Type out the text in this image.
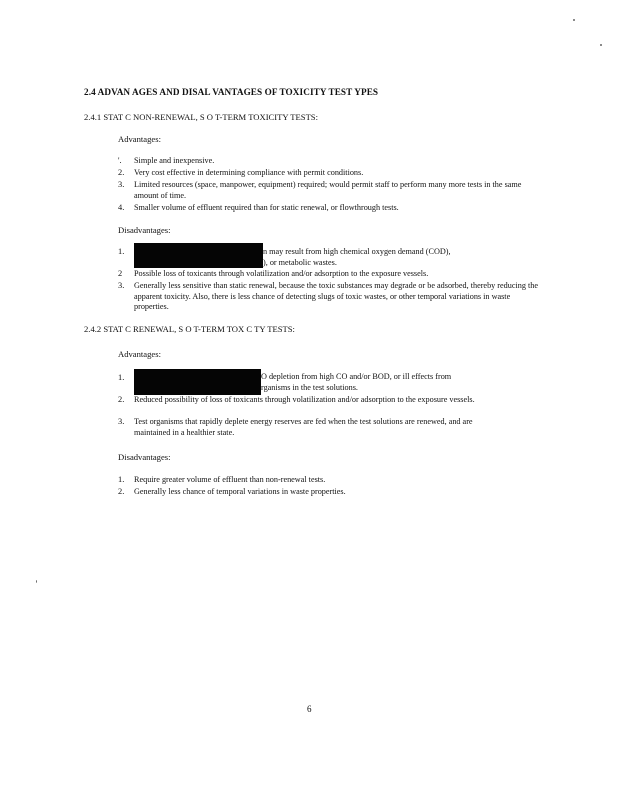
2.4 ADVAN AGES AND DISAL VANTAGES OF TOXICITY TEST YPES
2.4.1 STAT C NON-RENEWAL, S O T-TERM TOXICITY TESTS:
Advantages:
'.	Simple and inexpensive.
2.	Very cost effective in determining compliance with permit conditions.
3.	Limited resources (space, manpower, equipment) required; would permit staff to perform many more tests in the same amount of time.
4.	Smaller volume of effluent required than for static renewal, or flowthrough tests.
Disadvantages:
1.	n may result from high chemical oxygen demand (COD),
), or metabolic wastes.
2	Possible loss of toxicants through volatilization and/or adsorption to the exposure vessels.
3.	Generally less sensitive than static renewal, because the toxic substances may degrade or be adsorbed, thereby reducing the apparent toxicity. Also, there is less chance of detecting slugs of toxic wastes, or other temporal variations in waste properties.
2.4.2 STAT C RENEWAL, S O T-TERM TOX C TY TESTS:
Advantages:
1.	O depletion from high CO and/or BOD, or ill effects from
rganisms in the test solutions.
2.	Reduced possibility of loss of toxicants through volatilization and/or adsorption to the exposure vessels.
3.	Test organisms that rapidly deplete energy reserves are fed when the test solutions are renewed, and are maintained in a healthier state.
Disadvantages:
1.	Require greater volume of effluent than non-renewal tests.
2.	Generally less chance of temporal variations in waste properties.
6
